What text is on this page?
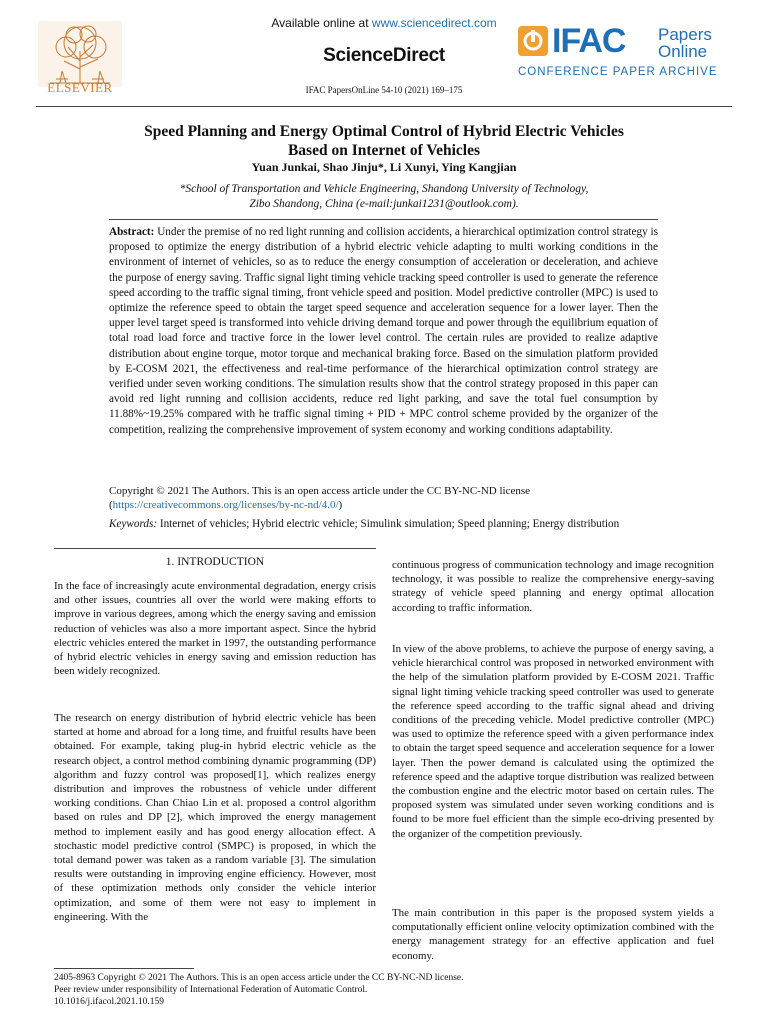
Available online at www.sciencedirect.com
ScienceDirect
IFAC PapersOnLine 54-10 (2021) 169–175
ELSEVIER
IFAC Papers
Online
CONFERENCE PAPER ARCHIVE
Speed Planning and Energy Optimal Control of Hybrid Electric Vehicles
Based on Internet of Vehicles
Yuan Junkai, Shao Jinju*, Li Xunyi, Ying Kangjian
*School of Transportation and Vehicle Engineering, Shandong University of Technology,
Zibo Shandong, China (e-mail:junkai1231@outlook.com).
Abstract: Under the premise of no red light running and collision accidents, a hierarchical optimization control strategy is proposed to optimize the energy distribution of a hybrid electric vehicle adapting to multi working conditions in the environment of internet of vehicles, so as to reduce the energy consumption of acceleration or deceleration, and achieve the purpose of energy saving. Traffic signal light timing vehicle tracking speed controller is used to generate the reference speed according to the traffic signal timing, front vehicle speed and position. Model predictive controller (MPC) is used to optimize the reference speed to obtain the target speed sequence and acceleration sequence for a lower layer. Then the upper level target speed is transformed into vehicle driving demand torque and power through the equilibrium equation of total road load force and tractive force in the lower level control. The certain rules are provided to realize adaptive distribution about engine torque, motor torque and mechanical braking force. Based on the simulation platform provided by E-COSM 2021, the effectiveness and real-time performance of the hierarchical optimization control strategy are verified under seven working conditions. The simulation results show that the control strategy proposed in this paper can avoid red light running and collision accidents, reduce red light parking, and save the total fuel consumption by 11.88%~19.25% compared with he traffic signal timing + PID + MPC control scheme provided by the organizer of the competition, realizing the comprehensive improvement of system economy and working conditions adaptability.
Copyright © 2021 The Authors. This is an open access article under the CC BY-NC-ND license
(https://creativecommons.org/licenses/by-nc-nd/4.0/)
Keywords: Internet of vehicles; Hybrid electric vehicle; Simulink simulation; Speed planning; Energy distribution
1. INTRODUCTION
In the face of increasingly acute environmental degradation, energy crisis and other issues, countries all over the world were making efforts to improve in various degrees, among which the energy saving and emission reduction of vehicles was also a more important aspect. Since the hybrid electric vehicles entered the market in 1997, the outstanding performance of hybrid electric vehicles in energy saving and emission reduction has been widely recognized.
The research on energy distribution of hybrid electric vehicle has been started at home and abroad for a long time, and fruitful results have been obtained. For example, taking plug-in hybrid electric vehicle as the research object, a control method combining dynamic programming (DP) algorithm and fuzzy control was proposed[1], which realizes energy distribution and improves the robustness of vehicle under different working conditions. Chan Chiao Lin et al. proposed a control algorithm based on rules and DP [2], which improved the energy management method to implement easily and has good energy allocation effect. A stochastic model predictive control (SMPC) is proposed, in which the total demand power was taken as a random variable [3]. The simulation results were outstanding in improving engine efficiency. However, most of these optimization methods only consider the vehicle interior optimization, and some of them were not easy to implement in engineering. With the
continuous progress of communication technology and image recognition technology, it was possible to realize the comprehensive energy-saving strategy of vehicle speed planning and energy optimal allocation according to traffic information.
In view of the above problems, to achieve the purpose of energy saving, a vehicle hierarchical control was proposed in networked environment with the help of the simulation platform provided by E-COSM 2021. Traffic signal light timing vehicle tracking speed controller was used to generate the reference speed according to the traffic signal ahead and driving conditions of the preceding vehicle. Model predictive controller (MPC) was used to optimize the reference speed with a given performance index to obtain the target speed sequence and acceleration sequence for a lower layer. Then the power demand is calculated using the optimized the reference speed and the adaptive torque distribution was realized between the combustion engine and the electric motor based on certain rules. The proposed system was simulated under seven working conditions and is found to be more fuel efficient than the simple eco-driving presented by the organizer of the competition previously.
The main contribution in this paper is the proposed system yields a computationally efficient online velocity optimization combined with the energy management strategy for an effective application and fuel economy.
2405-8963 Copyright © 2021 The Authors. This is an open access article under the CC BY-NC-ND license.
Peer review under responsibility of International Federation of Automatic Control.
10.1016/j.ifacol.2021.10.159
